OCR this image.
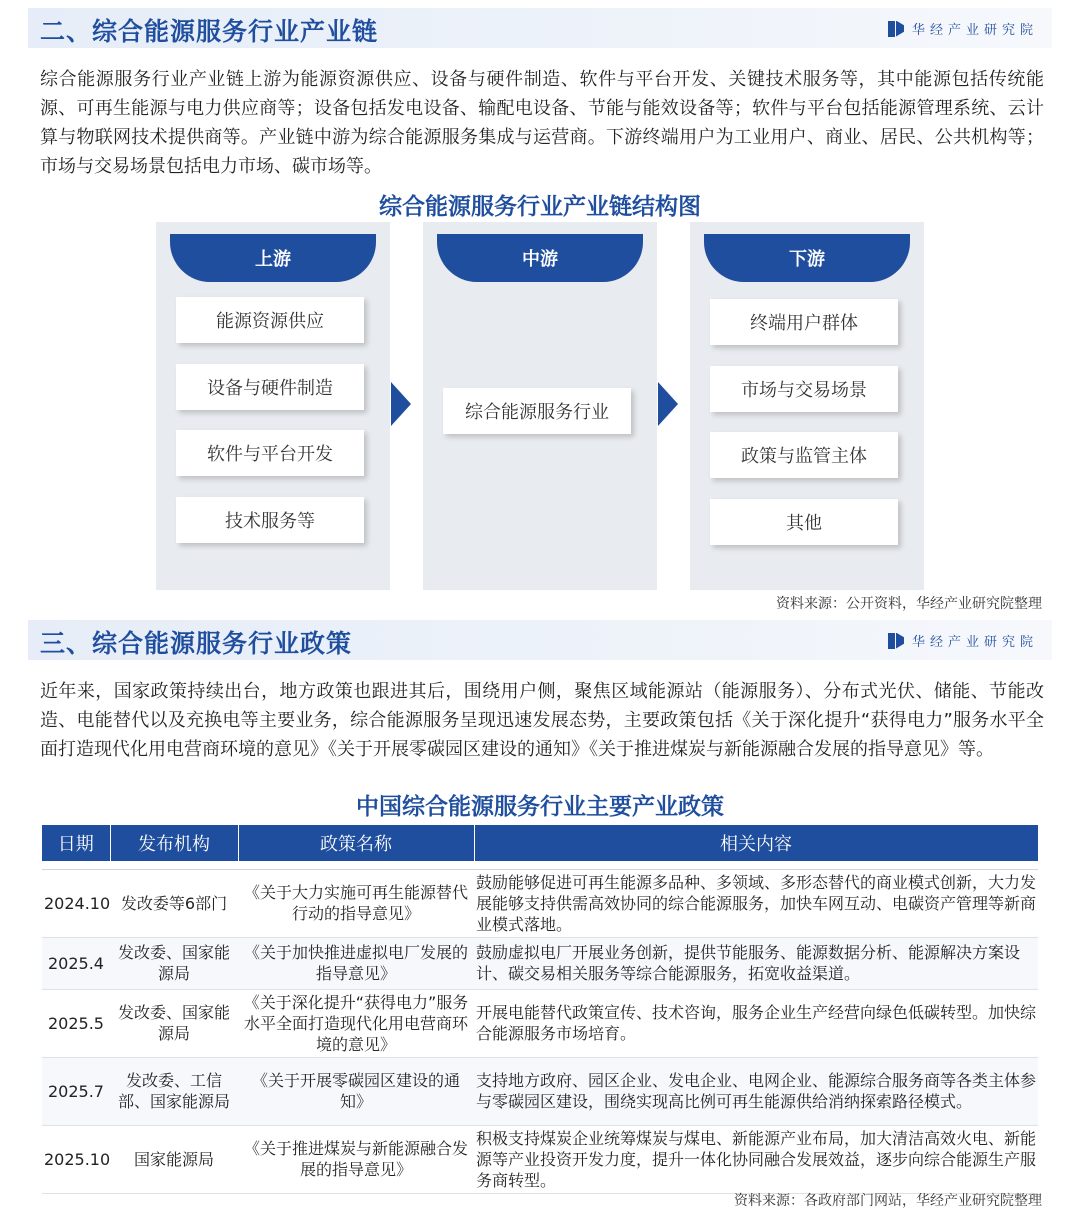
二、综合能源服务行业产业链	华经产业研究院

综合能源服务行业产业链上游为能源资源供应、设备与硬件制造、软件与平台开发、关键技术服务等，其中能源包括传统能源、可再生能源与电力供应商等；设备包括发电设备、输配电设备、节能与能效设备等；软件与平台包括能源管理系统、云计算与物联网技术提供商等。产业链中游为综合能源服务集成与运营商。下游终端用户为工业用户、商业、居民、公共机构等；市场与交易场景包括电力市场、碳市场等。

综合能源服务行业产业链结构图
上游
能源资源供应
设备与硬件制造
软件与平台开发
技术服务等
中游
综合能源服务行业
下游
终端用户群体
市场与交易场景
政策与监管主体
其他
资料来源：公开资料，华经产业研究院整理
三、综合能源服务行业政策	华经产业研究院

近年来，国家政策持续出台，地方政策也跟进其后，围绕用户侧，聚焦区域能源站（能源服务）、分布式光伏、储能、节能改造、电能替代以及充换电等主要业务，综合能源服务呈现迅速发展态势，主要政策包括《关于深化提升“获得电力”服务水平全面打造现代化用电营商环境的意见》《关于开展零碳园区建设的通知》《关于推进煤炭与新能源融合发展的指导意见》等。

中国综合能源服务行业主要产业政策
日期	发布机构	政策名称	相关内容

2024.10	发改委等6部门	《关于大力实施可再生能源替代行动的指导意见》	鼓励能够促进可再生能源多品种、多领域、多形态替代的商业模式创新，大力发展能够支持供需高效协同的综合能源服务，加快车网互动、电碳资产管理等新商业模式落地。
2025.4	发改委、国家能源局	《关于加快推进虚拟电厂发展的指导意见》	鼓励虚拟电厂开展业务创新，提供节能服务、能源数据分析、能源解决方案设计、碳交易相关服务等综合能源服务，拓宽收益渠道。
2025.5	发改委、国家能源局	《关于深化提升“获得电力”服务水平全面打造现代化用电营商环境的意见》	开展电能替代政策宣传、技术咨询，服务企业生产经营向绿色低碳转型。加快综合能源服务市场培育。
2025.7	发改委、工信部、国家能源局	《关于开展零碳园区建设的通知》	支持地方政府、园区企业、发电企业、电网企业、能源综合服务商等各类主体参与零碳园区建设，围绕实现高比例可再生能源供给消纳探索路径模式。
2025.10	国家能源局	《关于推进煤炭与新能源融合发展的指导意见》	积极支持煤炭企业统筹煤炭与煤电、新能源产业布局，加大清洁高效火电、新能源等产业投资开发力度，提升一体化协同融合发展效益，逐步向综合能源生产服务商转型。
资料来源：各政府部门网站，华经产业研究院整理
